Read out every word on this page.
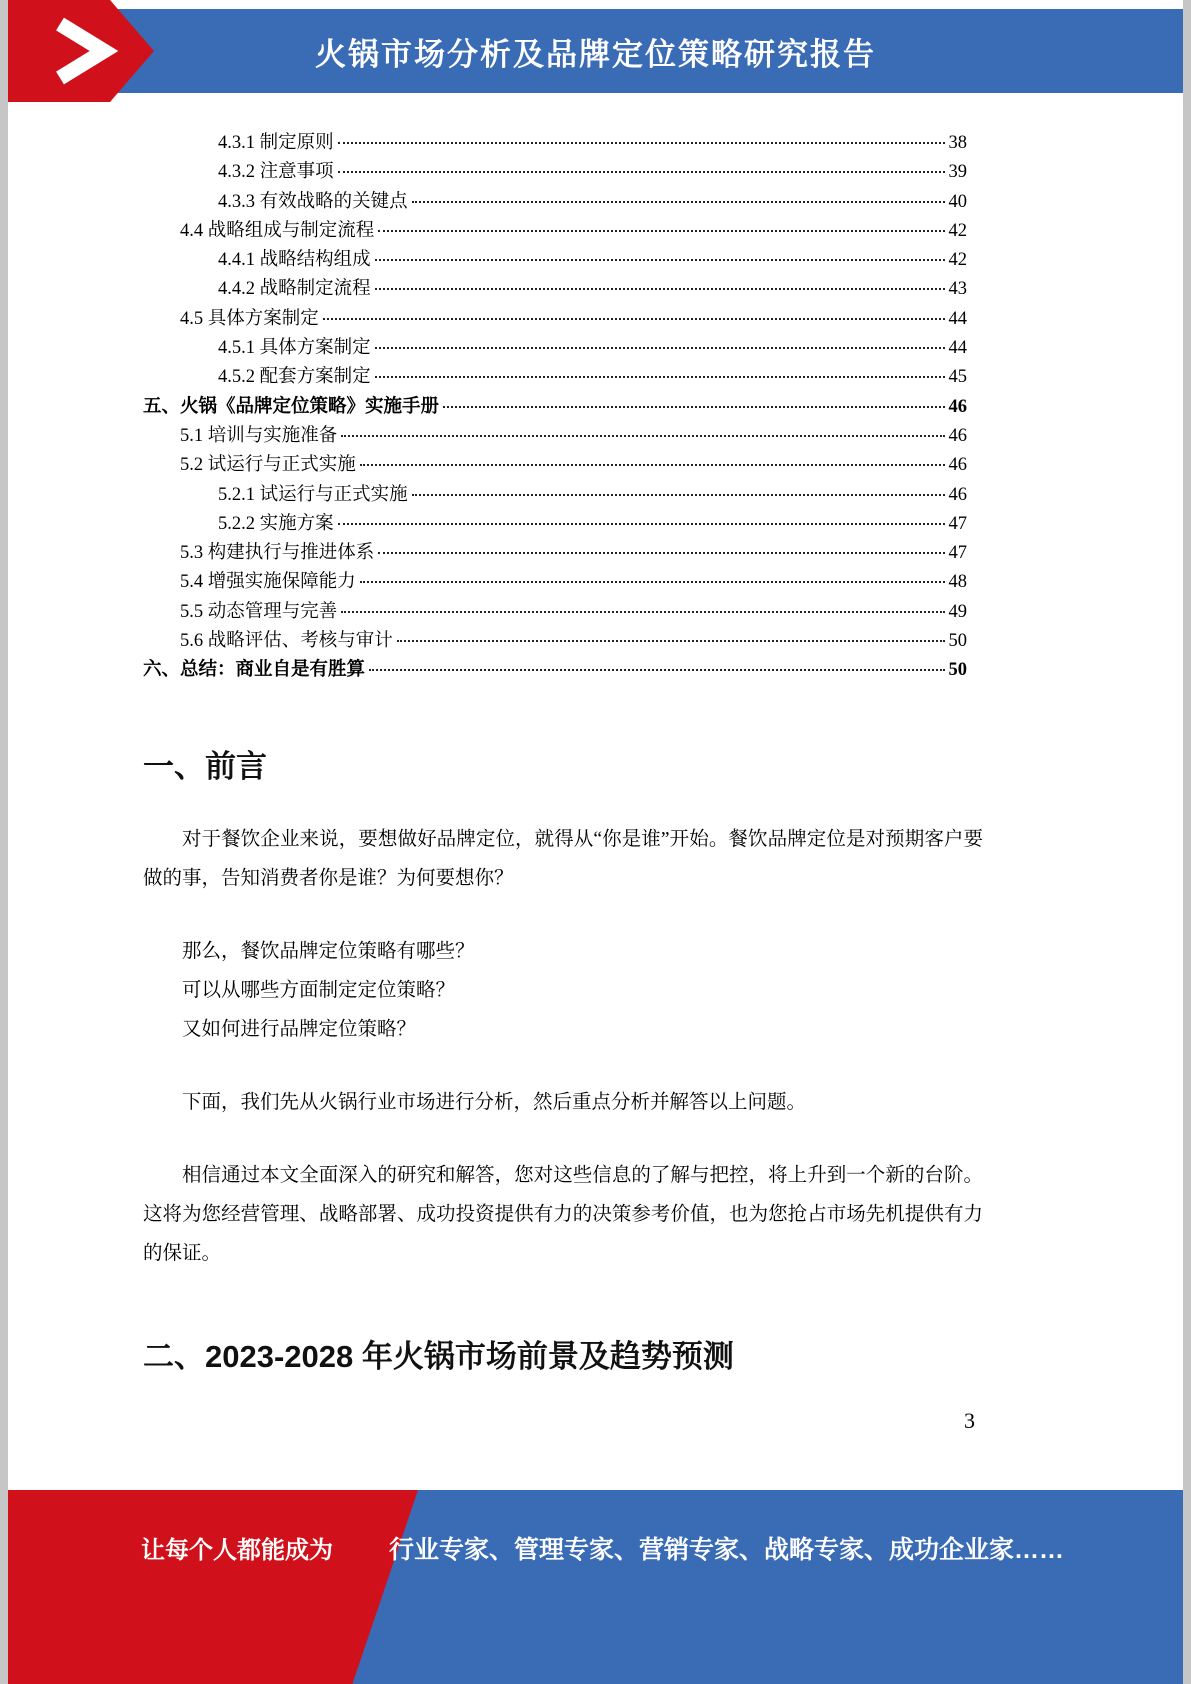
火锅市场分析及品牌定位策略研究报告
4.3.1 制定原则	38
4.3.2 注意事项	39
4.3.3 有效战略的关键点	40
4.4 战略组成与制定流程	42
4.4.1 战略结构组成	42
4.4.2 战略制定流程	43
4.5 具体方案制定	44
4.5.1 具体方案制定	44
4.5.2 配套方案制定	45
五、火锅《品牌定位策略》实施手册	46
5.1 培训与实施准备	46
5.2 试运行与正式实施	46
5.2.1 试运行与正式实施	46
5.2.2 实施方案	47
5.3 构建执行与推进体系	47
5.4 增强实施保障能力	48
5.5 动态管理与完善	49
5.6 战略评估、考核与审计	50
六、总结：商业自是有胜算	50
一、前言

对于餐饮企业来说，要想做好品牌定位，就得从“你是谁”开始。餐饮品牌定位是对预期客户要做的事，告知消费者你是谁？为何要想你？

那么，餐饮品牌定位策略有哪些？
可以从哪些方面制定定位策略？
又如何进行品牌定位策略？

下面，我们先从火锅行业市场进行分析，然后重点分析并解答以上问题。

相信通过本文全面深入的研究和解答，您对这些信息的了解与把控，将上升到一个新的台阶。这将为您经营管理、战略部署、成功投资提供有力的决策参考价值，也为您抢占市场先机提供有力的保证。

二、2023-2028 年火锅市场前景及趋势预测
3
让每个人都能成为 行业专家、管理专家、营销专家、战略专家、成功企业家……
